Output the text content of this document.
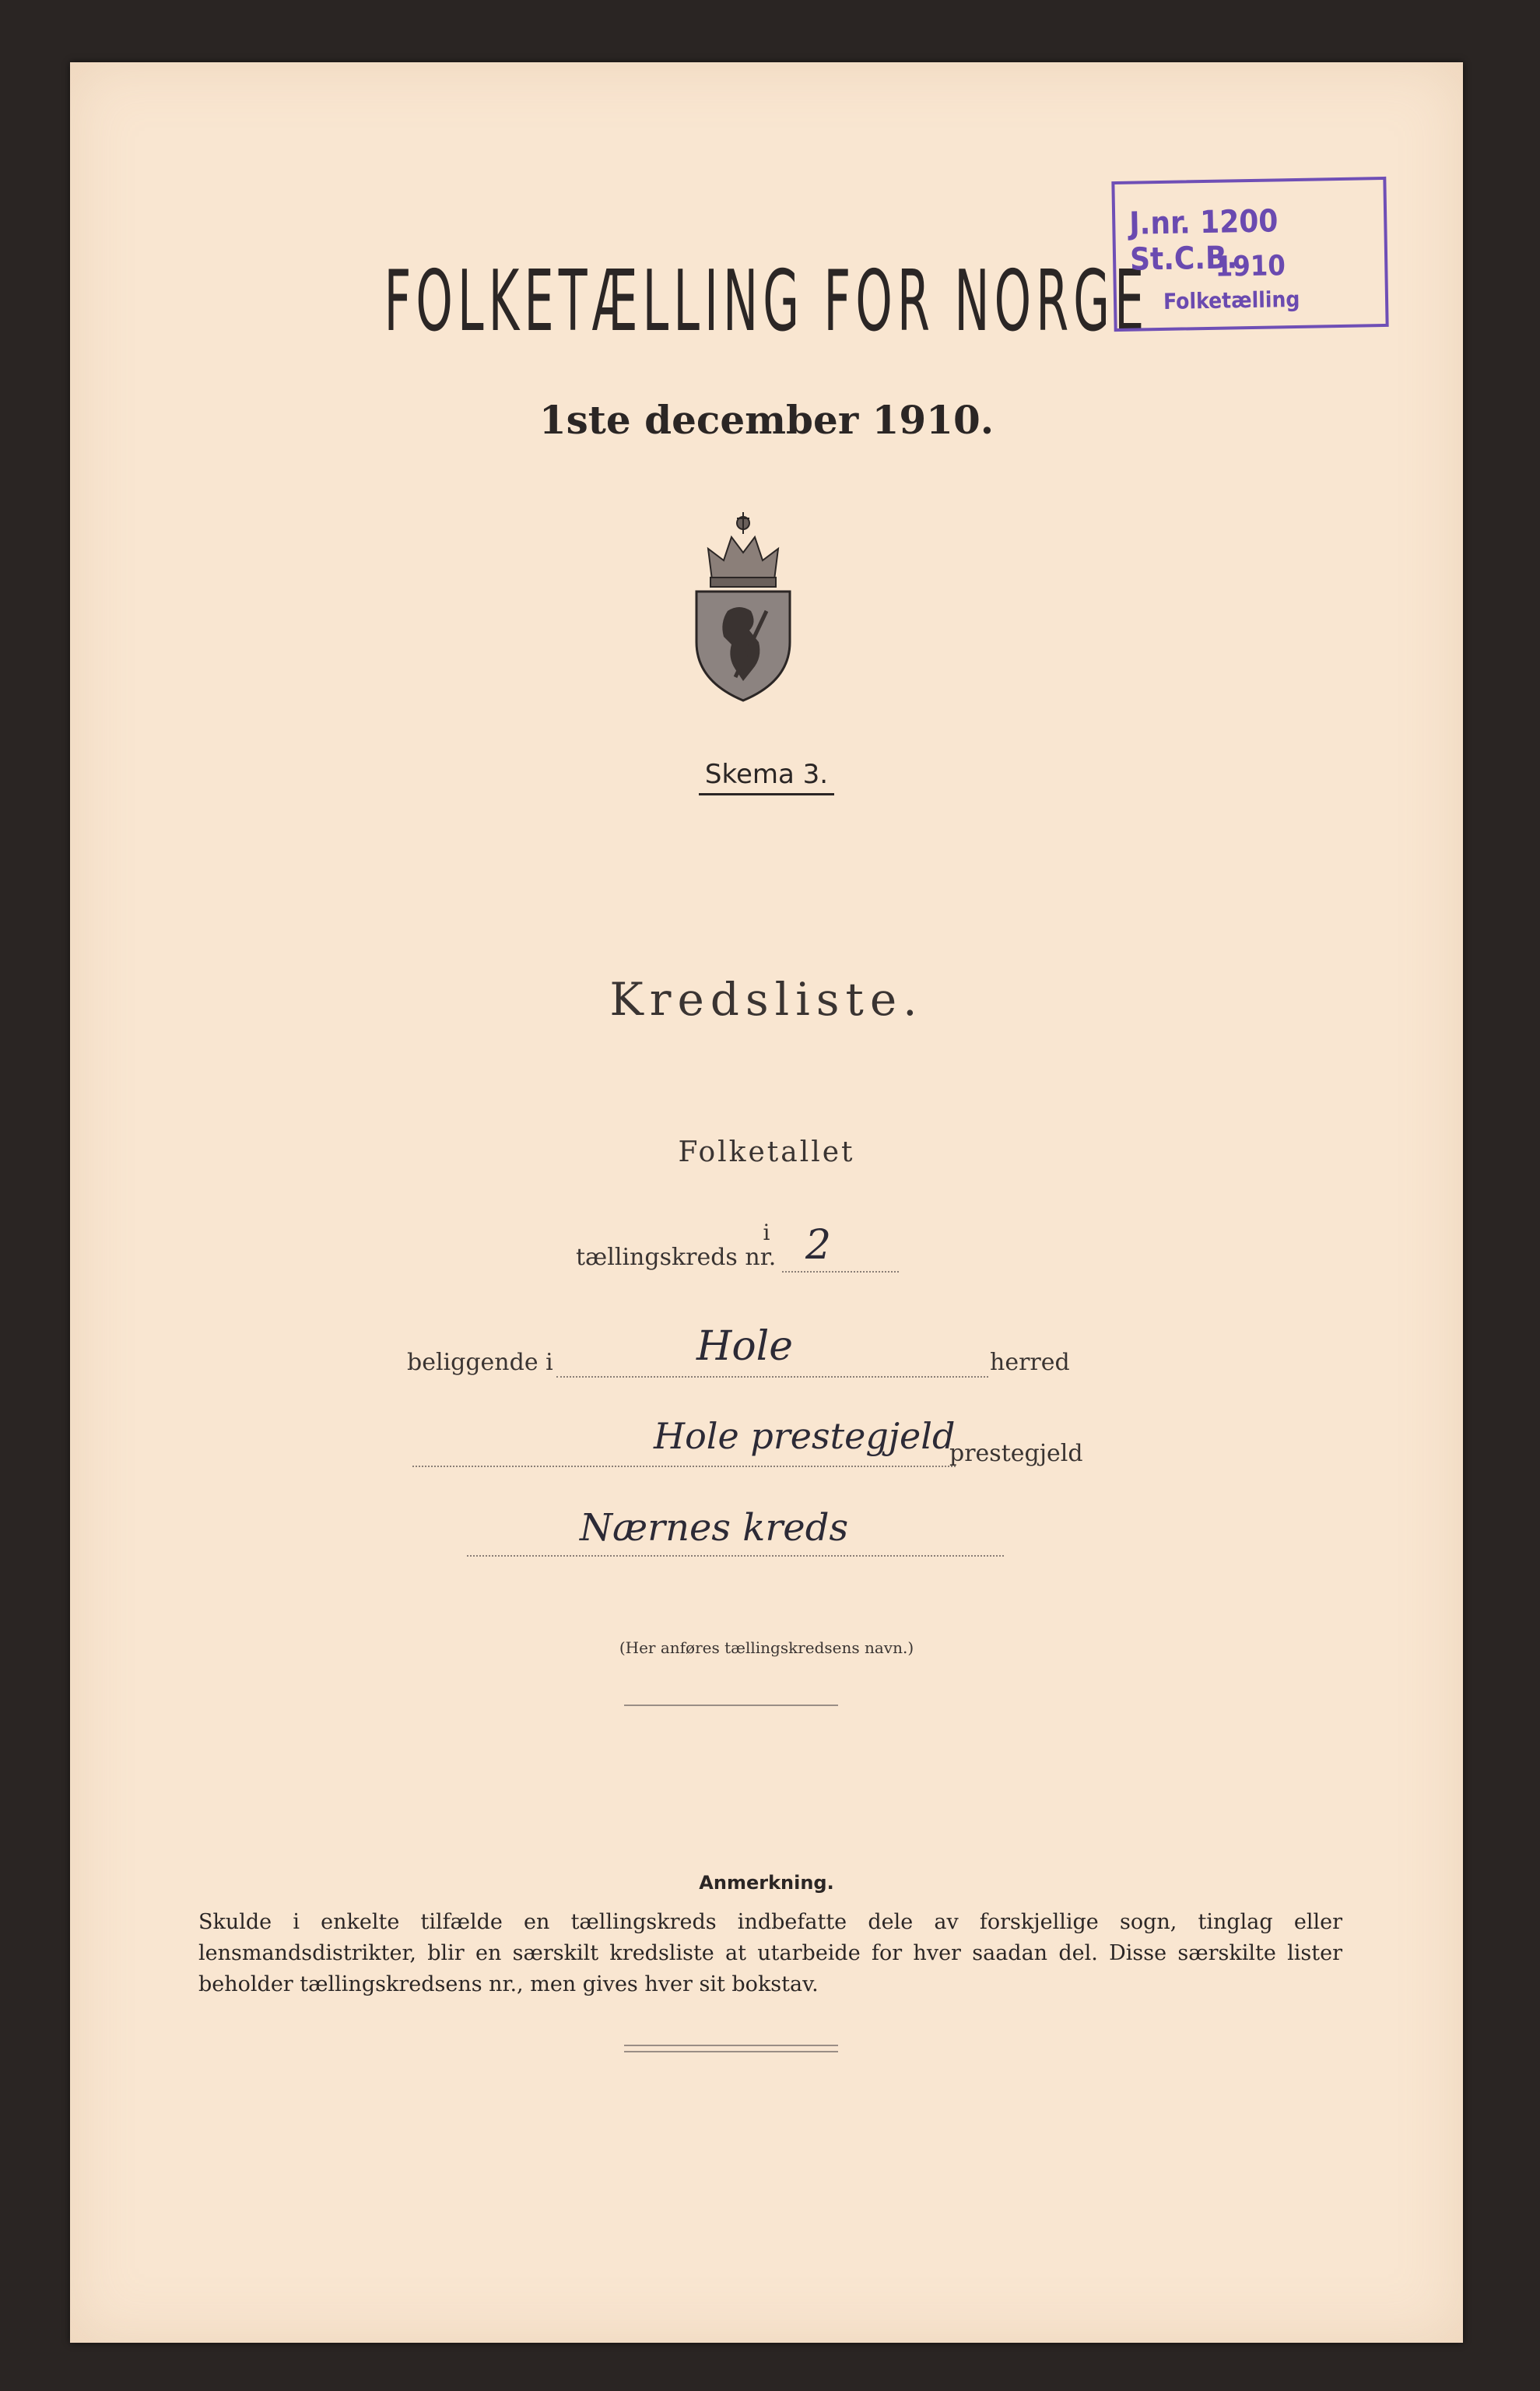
FOLKETÆLLING FOR NORGE
1ste december 1910.
J.nr. 1200 St.C.B.
1910
Folketælling
Skema 3.
Kredsliste.
Folketallet
i
tællingskreds nr. 2
beliggende i	Hole	herred
Hole prestegjeld
prestegjeld
Nærnes kreds
(Her anføres tællingskredsens navn.)
Anmerkning.
Skulde i enkelte tilfælde en tællingskreds indbefatte dele av forskjellige sogn, tinglag eller lensmandsdistrikter, blir en særskilt kredsliste at utarbeide for hver saadan del. Disse særskilte lister beholder tællingskredsens nr., men gives hver sit bokstav.
